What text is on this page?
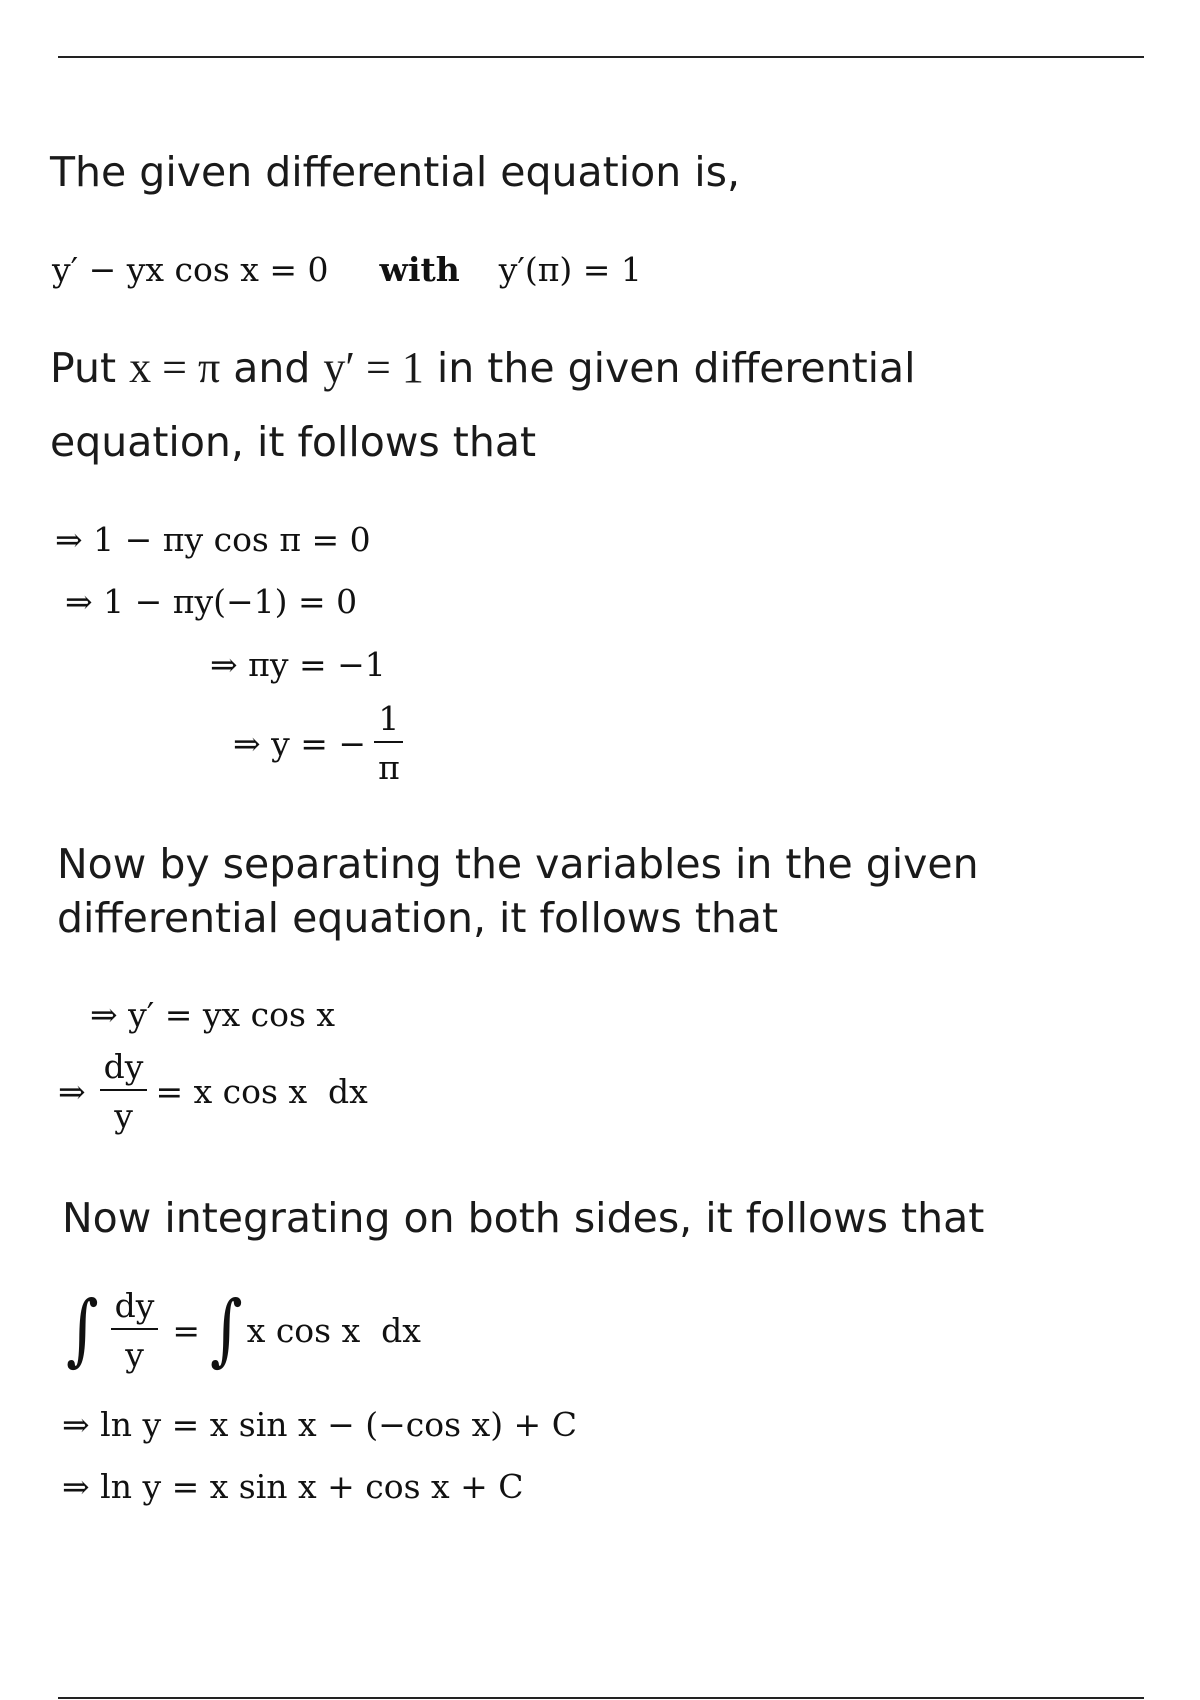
The given differential equation is,
y′ − yx cos x = 0 with y′(π) = 1
Put x = π and y′ = 1 in the given differential
equation, it follows that
⇒ 1 − πy cos π = 0
⇒ 1 − πy(−1) = 0
⇒ πy = −1
⇒ y = − $\frac{1}{\pi}$
Now by separating the variables in the given
differential equation, it follows that
⇒ y′ = yx cos x
⇒ $\frac{dy}{y} = x$ cos x  dx
Now integrating on both sides, it follows that
∫ $\frac{dy}{y}$ = ∫ x cos x  dx
⇒ ln y = x sin x − (−cos x) + C
⇒ ln y = x sin x + cos x + C
